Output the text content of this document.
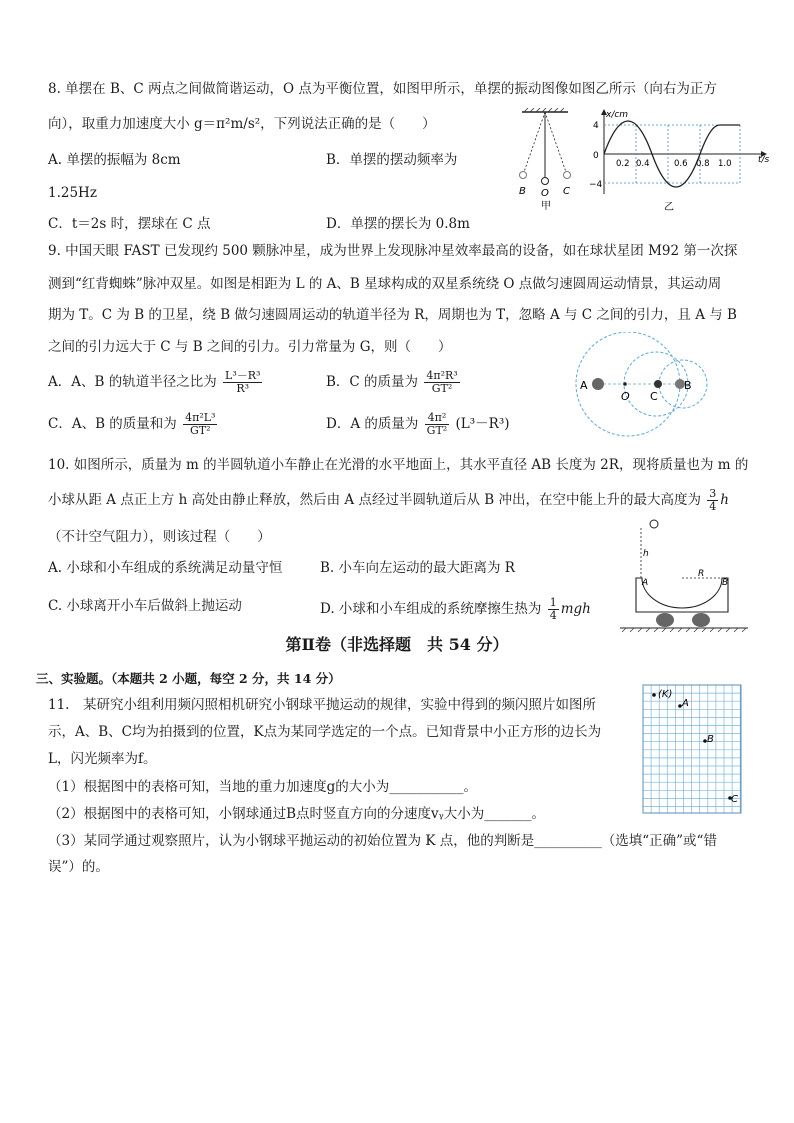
8. 单摆在 B、C 两点之间做简谐运动，O 点为平衡位置，如图甲所示，单摆的振动图像如图乙所示（向右为正方
向），取重力加速度大小 g＝π²m/s²，下列说法正确的是（　　）
A. 单摆的振幅为 8cm	B．单摆的摆动频率为
1.25Hz
C．t＝2s 时，摆球在 C 点	D．单摆的摆长为 0.8m
B O C
甲
x/cm
t/s
4
0
−4
0.2 0.4	0.6 0.8 1.0
乙
9. 中国天眼 FAST 已发现约 500 颗脉冲星，成为世界上发现脉冲星效率最高的设备，如在球状星团 M92 第一次探
测到“红背蜘蛛”脉冲双星。如图是相距为 L 的 A、B 星球构成的双星系统绕 O 点做匀速圆周运动情景，其运动周
期为 T。C 为 B 的卫星，绕 B 做匀速圆周运动的轨道半径为 R，周期也为 T，忽略 A 与 C 之间的引力，且 A 与 B
之间的引力远大于 C 与 B 之间的引力。引力常量为 G，则（　　）
A．A、B 的轨道半径之比为 $\frac{\text{L³－R³}}{\text{R³}}$	B．C 的质量为 $\frac{\text{4π²R³}}{\text{GT²}}$
C．A、B 的质量和为 $\frac{\text{4π²L³}}{\text{GT²}}$	D．A 的质量为 $\frac{\text{4π²}}{\text{GT²}} (L^3-R^3)$
A
O C
B
10. 如图所示，质量为 m 的半圆轨道小车静止在光滑的水平地面上，其水平直径 AB 长度为 2R，现将质量也为 m 的
小球从距 A 点正上方 h 高处由静止释放，然后由 A 点经过半圆轨道后从 B 冲出，在空中能上升的最大高度为 $\frac{3}{4}$ h
（不计空气阻力），则该过程（　　）
A. 小球和小车组成的系统满足动量守恒	B. 小车向左运动的最大距离为 R
C. 小球离开小车后做斜上抛运动	D. 小球和小车组成的系统摩擦生热为 $\frac{1}{4}$ mgh
h
A
R
B
第Ⅱ卷（非选择题　共 54 分）
三、实验题。（本题共 2 小题，每空 2 分，共 14 分）
11.　某研究小组利用频闪照相机研究小钢球平抛运动的规律，实验中得到的频闪照片如图所
示，A、B、C均为拍摄到的位置，K点为某同学选定的一个点。已知背景中小正方形的边长为
L，闪光频率为f。
（1）根据图中的表格可知，当地的重力加速度g的大小为___________。
（2）根据图中的表格可知，小钢球通过B点时竖直方向的分速度vᵧ大小为_______。
（3）某同学通过观察照片，认为小钢球平抛运动的初始位置为 K 点，他的判断是__________（选填“正确”或“错
误”）的。
(K)
A
B
C
